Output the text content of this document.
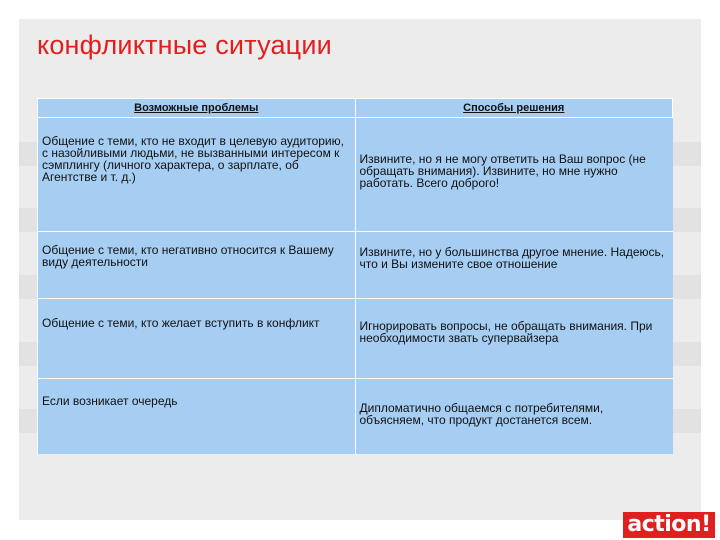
конфликтные ситуации
Возможные проблемы	Способы решения
Общение с теми, кто не входит в целевую аудиторию, с назойливыми людьми, не вызванными интересом к сэмплингу (личного характера, о зарплате, об Агентстве и т. д.)	Извините, но я не могу ответить на Ваш вопрос (не обращать внимания). Извините, но мне нужно работать. Всего доброго!
Общение с теми, кто негативно относится к Вашему виду деятельности	Извините, но у большинства другое мнение. Надеюсь, что и Вы измените свое отношение
Общение с теми, кто желает вступить в конфликт	Игнорировать вопросы, не обращать внимания. При необходимости звать супервайзера
Если возникает очередь	Дипломатично общаемся с потребителями, объясняем, что продукт достанется всем.
action!
